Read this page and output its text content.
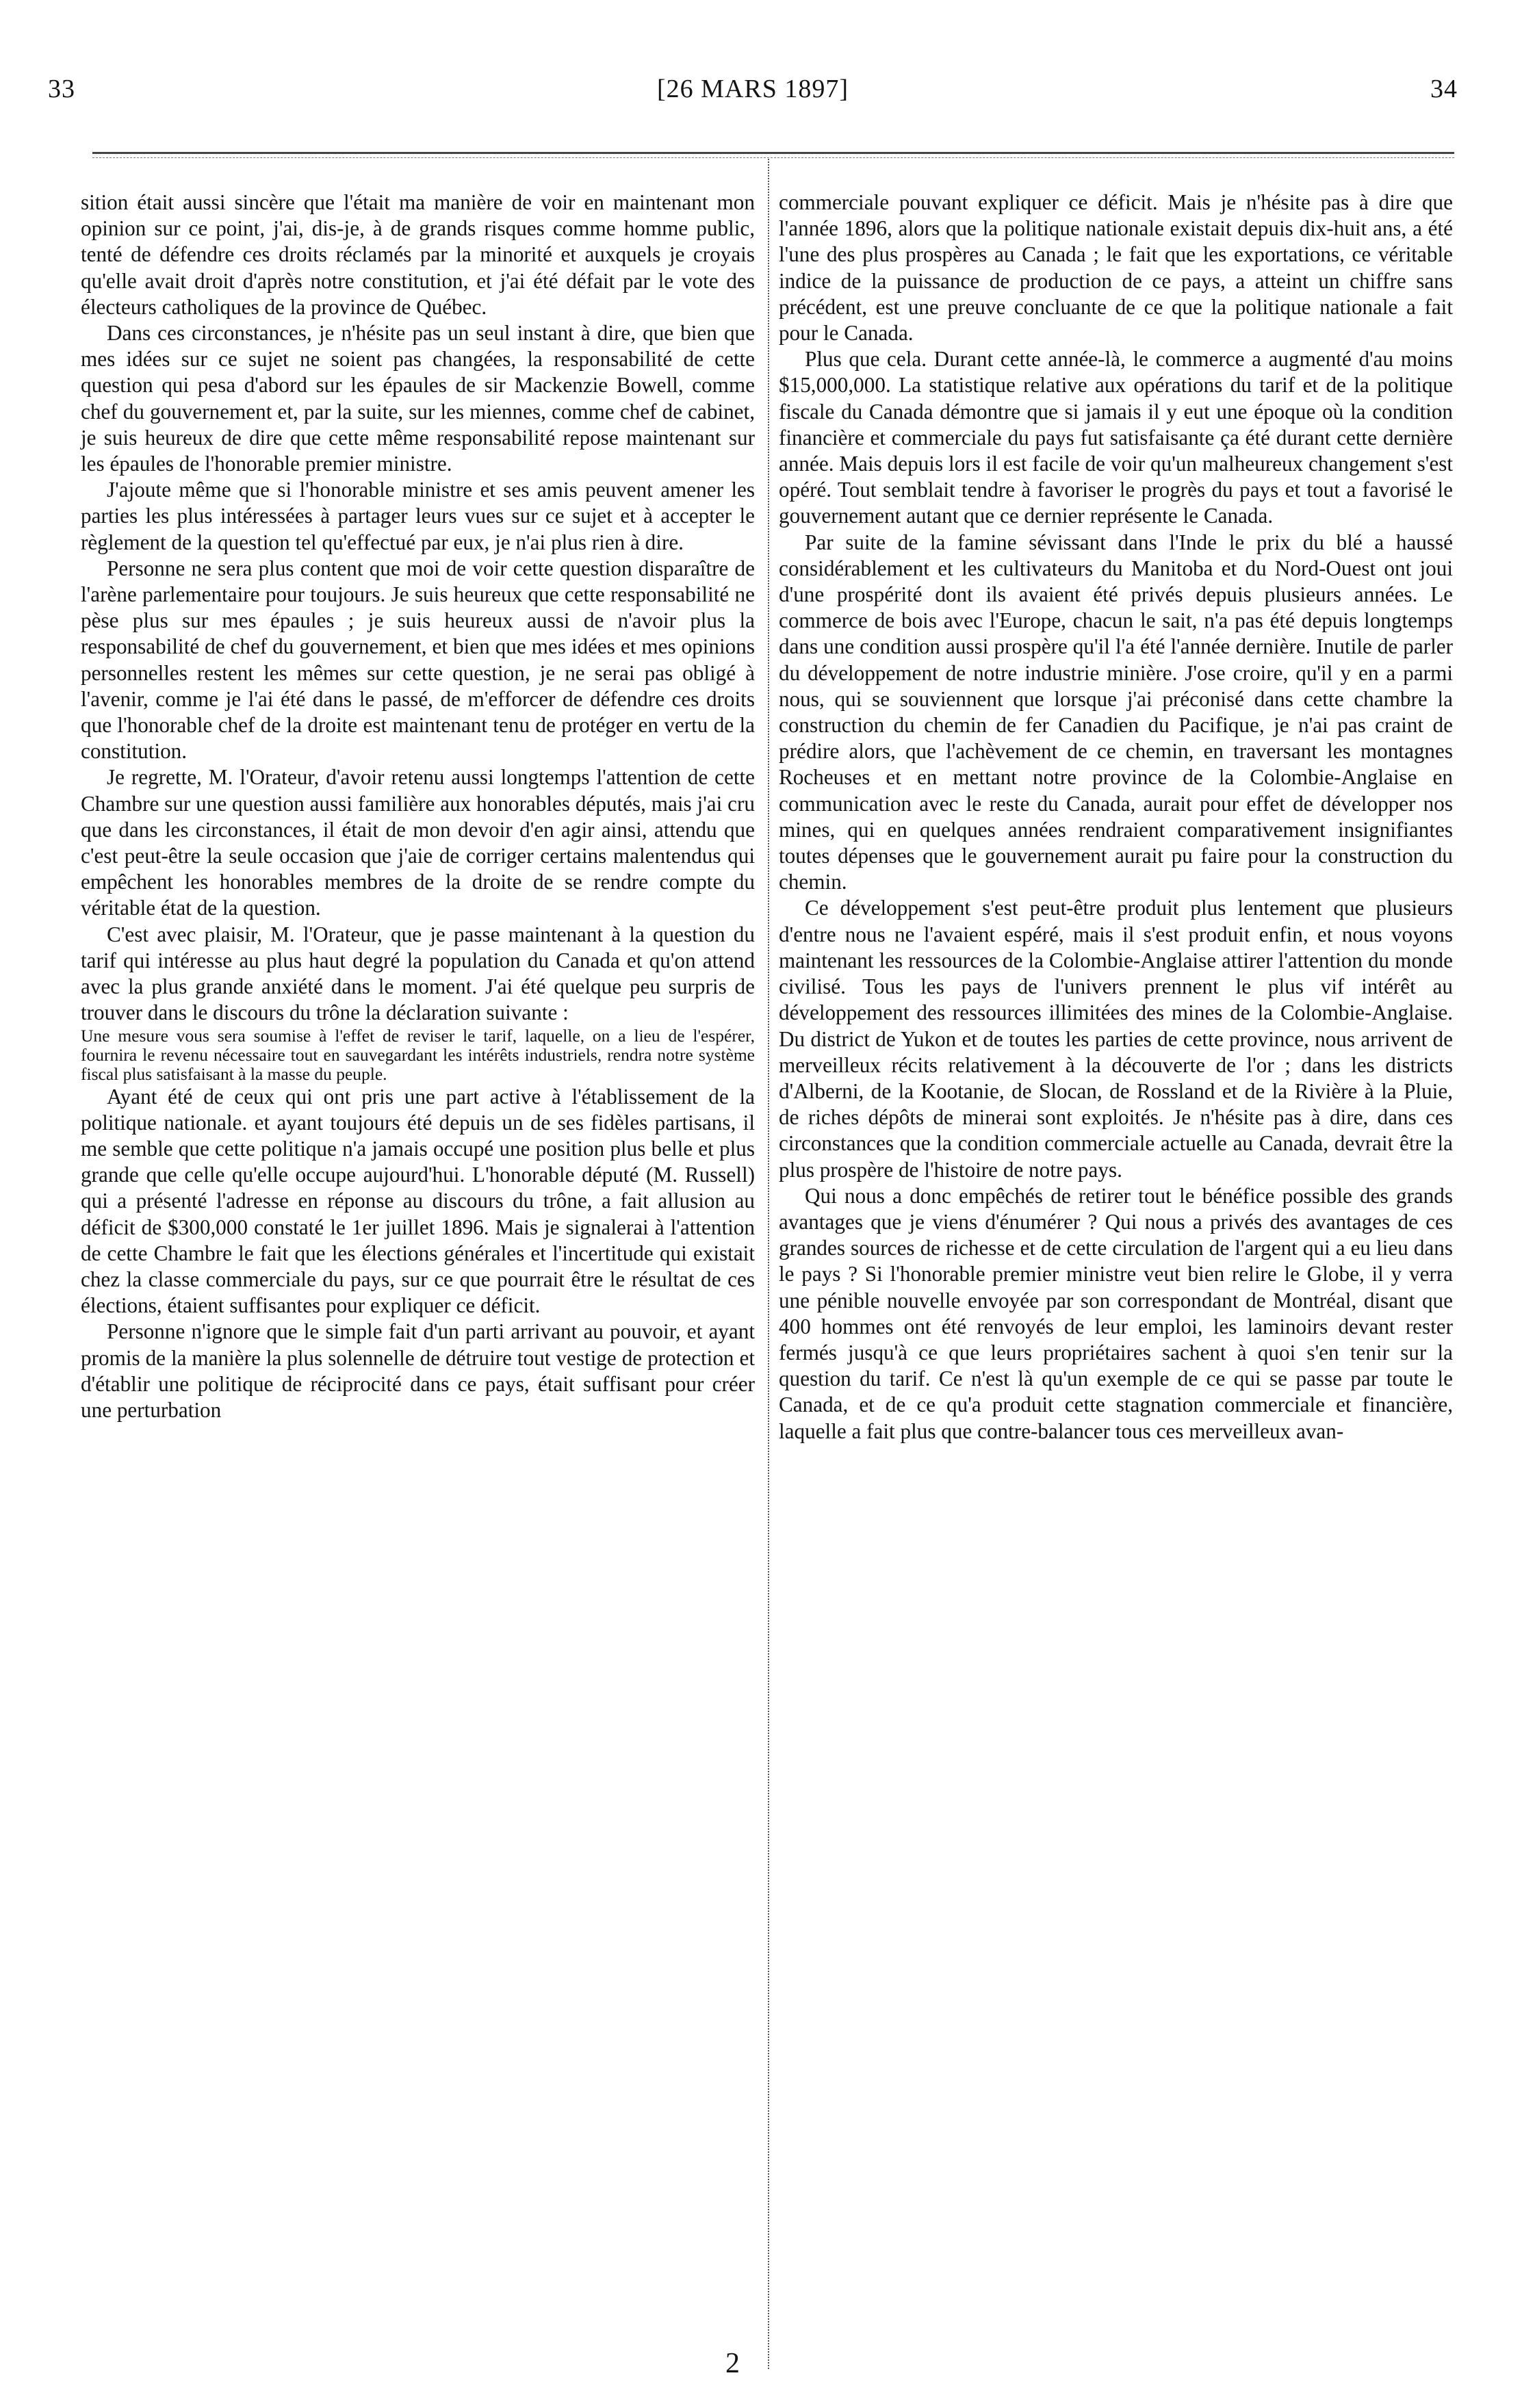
33	[26 MARS 1897]	34

sition était aussi sincère que l'était ma manière de voir en maintenant mon opinion sur ce point, j'ai, dis-je, à de grands risques comme homme public, tenté de défendre ces droits réclamés par la minorité et auxquels je croyais qu'elle avait droit d'après notre constitution, et j'ai été défait par le vote des électeurs catholiques de la province de Québec.

Dans ces circonstances, je n'hésite pas un seul instant à dire, que bien que mes idées sur ce sujet ne soient pas changées, la responsabilité de cette question qui pesa d'abord sur les épaules de sir Mackenzie Bowell, comme chef du gouvernement et, par la suite, sur les miennes, comme chef de cabinet, je suis heureux de dire que cette même responsabilité repose maintenant sur les épaules de l'honorable premier ministre.

J'ajoute même que si l'honorable ministre et ses amis peuvent amener les parties les plus intéressées à partager leurs vues sur ce sujet et à accepter le règlement de la question tel qu'effectué par eux, je n'ai plus rien à dire.

Personne ne sera plus content que moi de voir cette question disparaître de l'arène parlementaire pour toujours. Je suis heureux que cette responsabilité ne pèse plus sur mes épaules ; je suis heureux aussi de n'avoir plus la responsabilité de chef du gouvernement, et bien que mes idées et mes opinions personnelles restent les mêmes sur cette question, je ne serai pas obligé à l'avenir, comme je l'ai été dans le passé, de m'efforcer de défendre ces droits que l'honorable chef de la droite est maintenant tenu de protéger en vertu de la constitution.

Je regrette, M. l'Orateur, d'avoir retenu aussi longtemps l'attention de cette Chambre sur une question aussi familière aux honorables députés, mais j'ai cru que dans les circonstances, il était de mon devoir d'en agir ainsi, attendu que c'est peut-être la seule occasion que j'aie de corriger certains malentendus qui empêchent les honorables membres de la droite de se rendre compte du véritable état de la question.

C'est avec plaisir, M. l'Orateur, que je passe maintenant à la question du tarif qui intéresse au plus haut degré la population du Canada et qu'on attend avec la plus grande anxiété dans le moment. J'ai été quelque peu surpris de trouver dans le discours du trône la déclaration suivante :

Une mesure vous sera soumise à l'effet de reviser le tarif, laquelle, on a lieu de l'espérer, fournira le revenu nécessaire tout en sauvegardant les intérêts industriels, rendra notre système fiscal plus satisfaisant à la masse du peuple.

Ayant été de ceux qui ont pris une part active à l'établissement de la politique nationale. et ayant toujours été depuis un de ses fidèles partisans, il me semble que cette politique n'a jamais occupé une position plus belle et plus grande que celle qu'elle occupe aujourd'hui. L'honorable député (M. Russell) qui a présenté l'adresse en réponse au discours du trône, a fait allusion au déficit de $300,000 constaté le 1er juillet 1896. Mais je signalerai à l'attention de cette Chambre le fait que les élections générales et l'incertitude qui existait chez la classe commerciale du pays, sur ce que pourrait être le résultat de ces élections, étaient suffisantes pour expliquer ce déficit.

Personne n'ignore que le simple fait d'un parti arrivant au pouvoir, et ayant promis de la manière la plus solennelle de détruire tout vestige de protection et d'établir une politique de réciprocité dans ce pays, était suffisant pour créer une perturbation

commerciale pouvant expliquer ce déficit. Mais je n'hésite pas à dire que l'année 1896, alors que la politique nationale existait depuis dix-huit ans, a été l'une des plus prospères au Canada ; le fait que les exportations, ce véritable indice de la puissance de production de ce pays, a atteint un chiffre sans précédent, est une preuve concluante de ce que la politique nationale a fait pour le Canada.

Plus que cela. Durant cette année-là, le commerce a augmenté d'au moins $15,000,000. La statistique relative aux opérations du tarif et de la politique fiscale du Canada démontre que si jamais il y eut une époque où la condition financière et commerciale du pays fut satisfaisante ça été durant cette dernière année. Mais depuis lors il est facile de voir qu'un malheureux changement s'est opéré. Tout semblait tendre à favoriser le progrès du pays et tout a favorisé le gouvernement autant que ce dernier représente le Canada.

Par suite de la famine sévissant dans l'Inde le prix du blé a haussé considérablement et les cultivateurs du Manitoba et du Nord-Ouest ont joui d'une prospérité dont ils avaient été privés depuis plusieurs années. Le commerce de bois avec l'Europe, chacun le sait, n'a pas été depuis longtemps dans une condition aussi prospère qu'il l'a été l'année dernière. Inutile de parler du développement de notre industrie minière. J'ose croire, qu'il y en a parmi nous, qui se souviennent que lorsque j'ai préconisé dans cette chambre la construction du chemin de fer Canadien du Pacifique, je n'ai pas craint de prédire alors, que l'achèvement de ce chemin, en traversant les montagnes Rocheuses et en mettant notre province de la Colombie-Anglaise en communication avec le reste du Canada, aurait pour effet de développer nos mines, qui en quelques années rendraient comparativement insignifiantes toutes dépenses que le gouvernement aurait pu faire pour la construction du chemin.

Ce développement s'est peut-être produit plus lentement que plusieurs d'entre nous ne l'avaient espéré, mais il s'est produit enfin, et nous voyons maintenant les ressources de la Colombie-Anglaise attirer l'attention du monde civilisé. Tous les pays de l'univers prennent le plus vif intérêt au développement des ressources illimitées des mines de la Colombie-Anglaise. Du district de Yukon et de toutes les parties de cette province, nous arrivent de merveilleux récits relativement à la découverte de l'or ; dans les districts d'Alberni, de la Kootanie, de Slocan, de Rossland et de la Rivière à la Pluie, de riches dépôts de minerai sont exploités. Je n'hésite pas à dire, dans ces circonstances que la condition commerciale actuelle au Canada, devrait être la plus prospère de l'histoire de notre pays.

Qui nous a donc empêchés de retirer tout le bénéfice possible des grands avantages que je viens d'énumérer ? Qui nous a privés des avantages de ces grandes sources de richesse et de cette circulation de l'argent qui a eu lieu dans le pays ? Si l'honorable premier ministre veut bien relire le Globe, il y verra une pénible nouvelle envoyée par son correspondant de Montréal, disant que 400 hommes ont été renvoyés de leur emploi, les laminoirs devant rester fermés jusqu'à ce que leurs propriétaires sachent à quoi s'en tenir sur la question du tarif. Ce n'est là qu'un exemple de ce qui se passe par toute le Canada, et de ce qu'a produit cette stagnation commerciale et financière, laquelle a fait plus que contre-balancer tous ces merveilleux avan-

2
